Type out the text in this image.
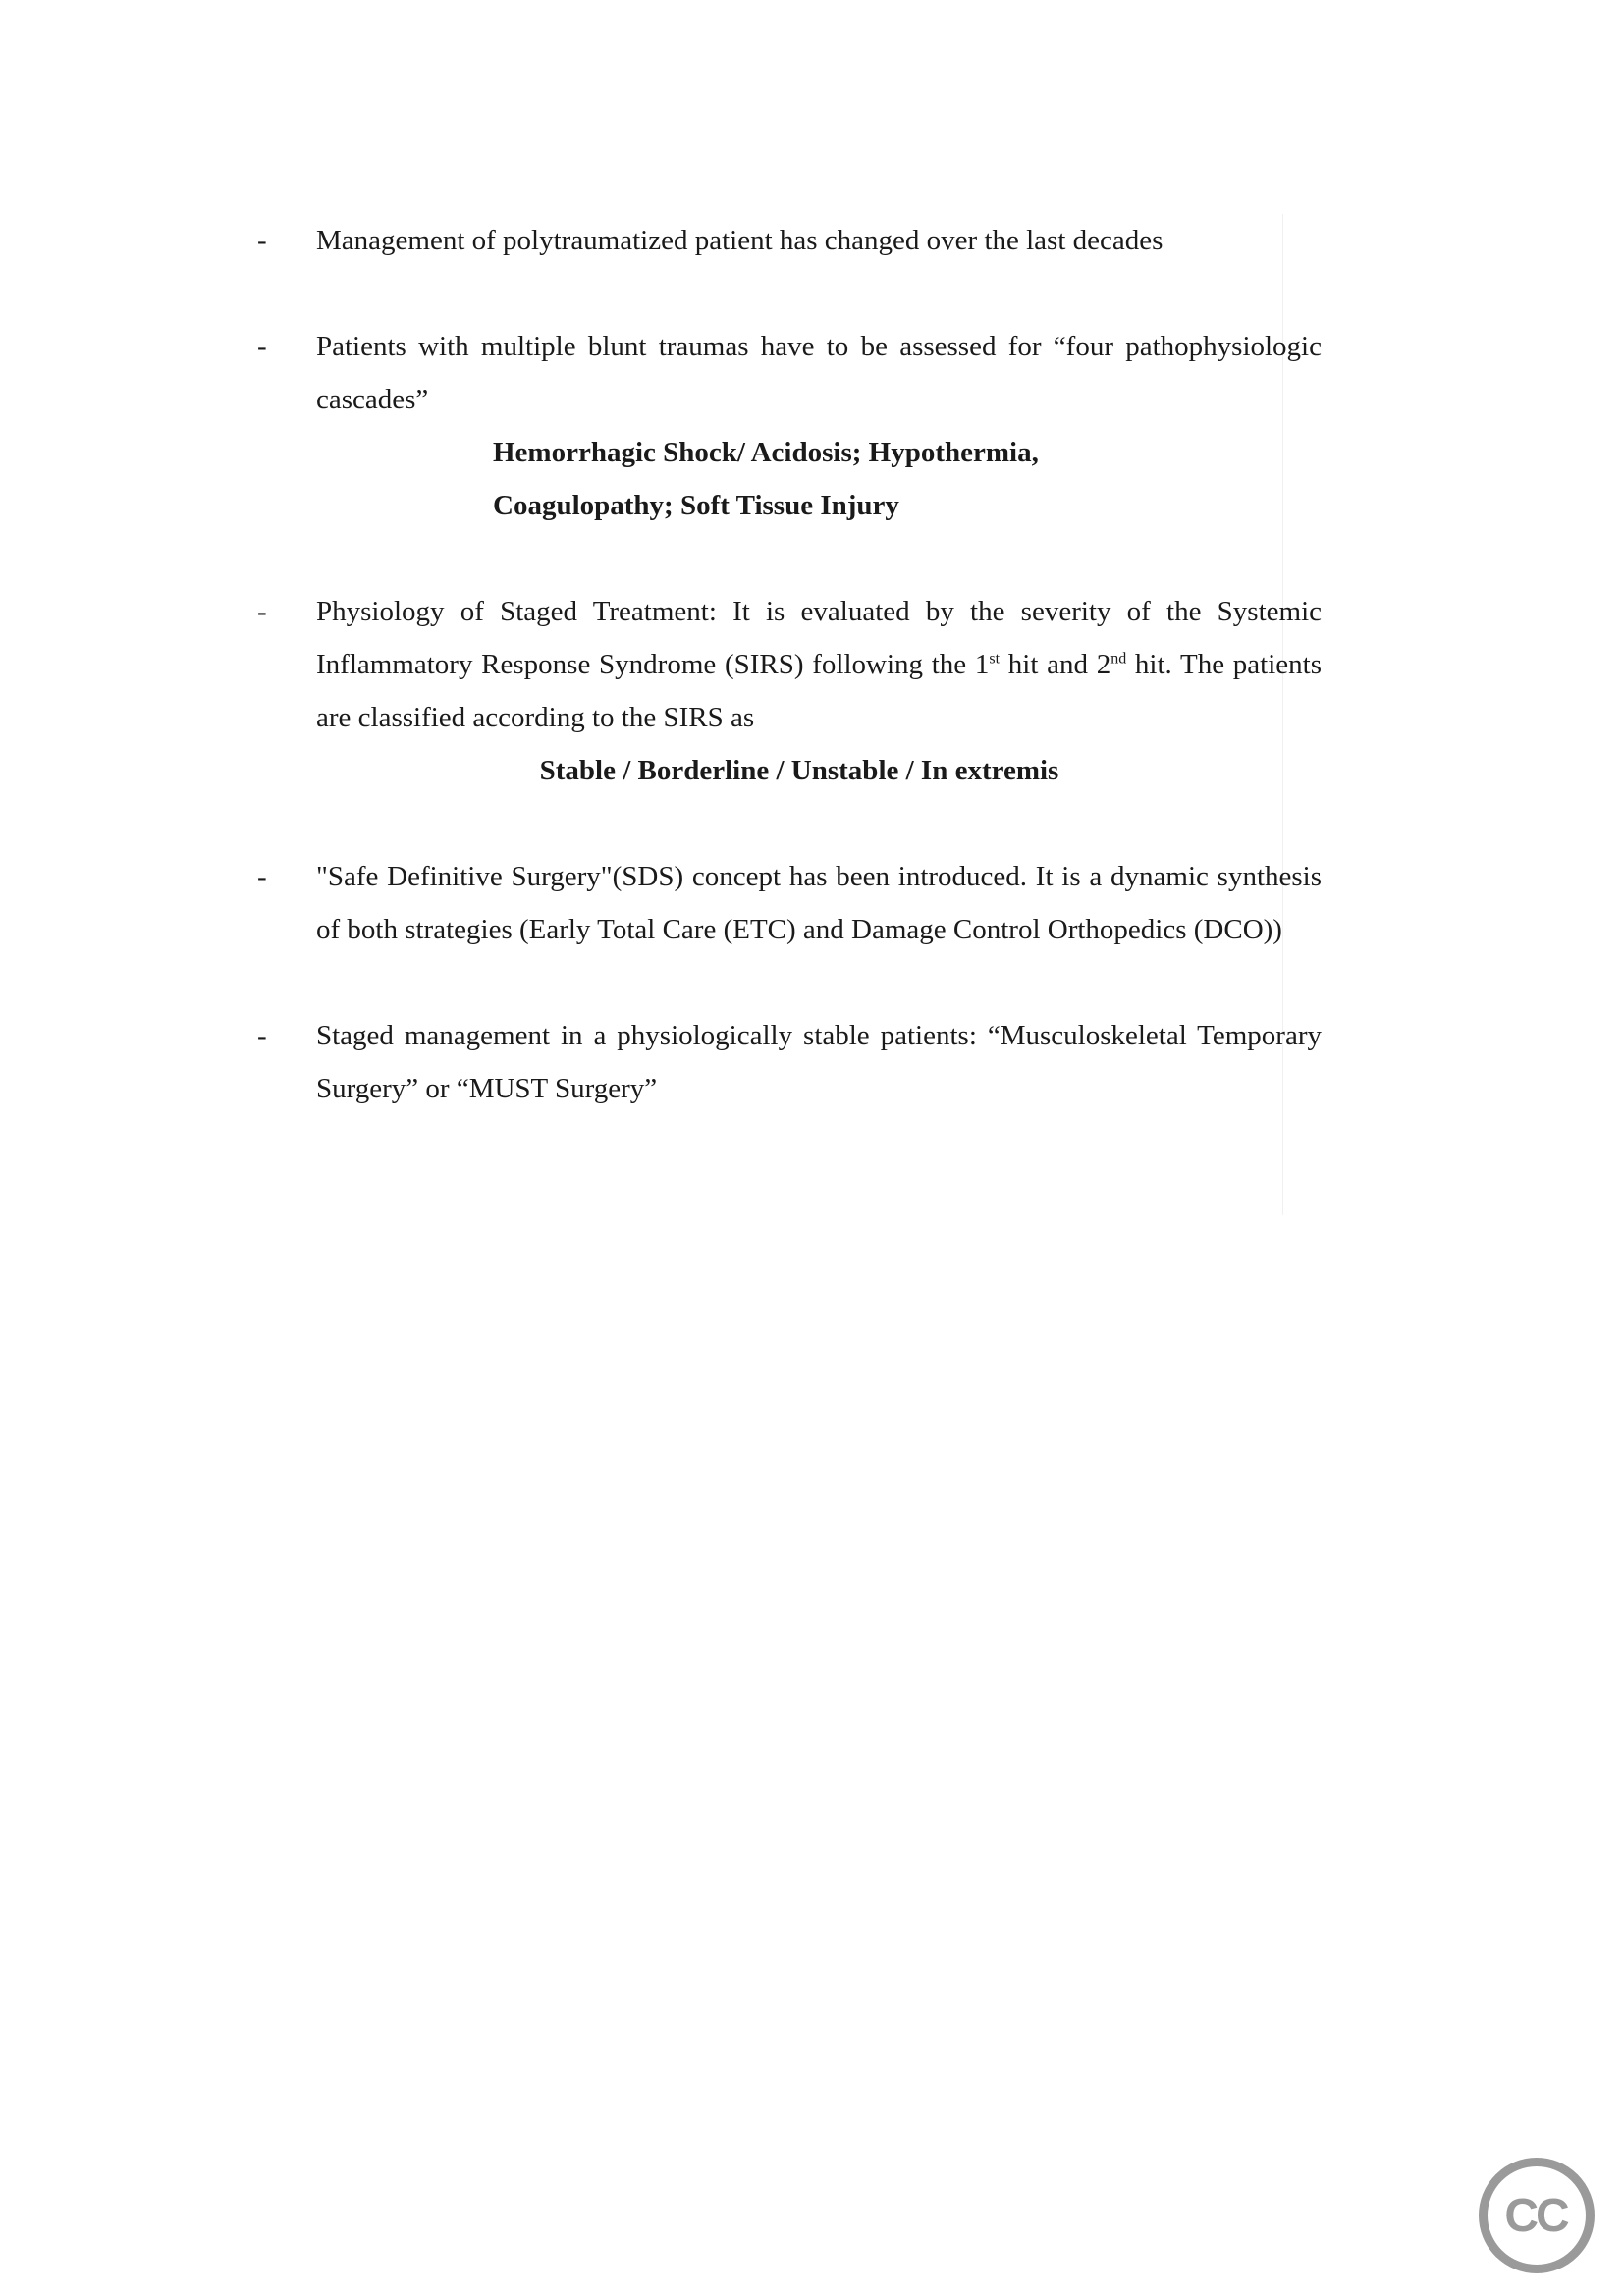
-	Management of polytraumatized patient has changed over the last decades
-	Patients with multiple blunt traumas have to be assessed for “four pathophysiologic cascades”
Hemorrhagic Shock/ Acidosis; Hypothermia,
Coagulopathy; Soft Tissue Injury
-	Physiology of Staged Treatment: It is evaluated by the severity of the Systemic Inflammatory Response Syndrome (SIRS) following the 1st hit and 2nd hit. The patients are classified according to the SIRS as
Stable / Borderline / Unstable / In extremis
-	"Safe Definitive Surgery"(SDS) concept has been introduced. It is a dynamic synthesis of both strategies (Early Total Care (ETC) and Damage Control Orthopedics (DCO))
-	Staged management in a physiologically stable patients: “Musculoskeletal Temporary Surgery” or “MUST Surgery”
CC
